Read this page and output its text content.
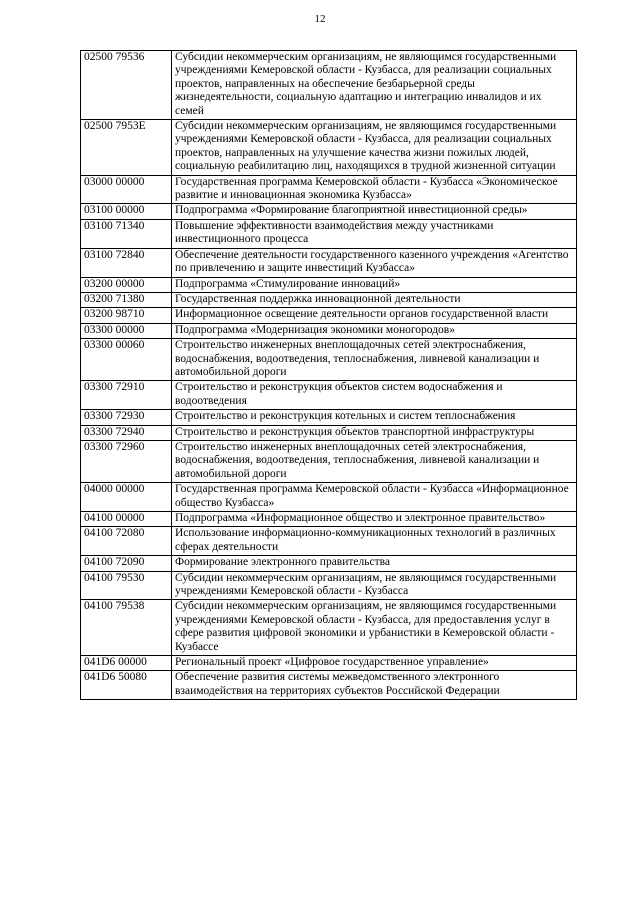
12
02500 79536	Субсидии некоммерческим организациям, не являющимся государственными учреждениями Кемеровской области - Кузбасса, для реализации социальных проектов, направленных на обеспечение безбарьерной среды жизнедеятельности, социальную адаптацию и интеграцию инвалидов и их семей
02500 7953E	Субсидии некоммерческим организациям, не являющимся государственными учреждениями Кемеровской области - Кузбасса, для реализации социальных проектов, направленных на улучшение качества жизни пожилых людей, социальную реабилитацию лиц, находящихся в трудной жизненной ситуации
03000 00000	Государственная программа Кемеровской области - Кузбасса «Экономическое развитие и инновационная экономика Кузбасса»
03100 00000	Подпрограмма «Формирование благоприятной инвестиционной среды»
03100 71340	Повышение эффективности взаимодействия между участниками инвестиционного процесса
03100 72840	Обеспечение деятельности государственного казенного учреждения «Агентство по привлечению и защите инвестиций Кузбасса»
03200 00000	Подпрограмма «Стимулирование инноваций»
03200 71380	Государственная поддержка инновационной деятельности
03200 98710	Информационное освещение деятельности органов государственной власти
03300 00000	Подпрограмма «Модернизация экономики моногородов»
03300 00060	Строительство инженерных внеплощадочных сетей электроснабжения, водоснабжения, водоотведения, теплоснабжения, ливневой канализации и автомобильной дороги
03300 72910	Строительство и реконструкция объектов систем водоснабжения и водоотведения
03300 72930	Строительство и реконструкция котельных и систем теплоснабжения
03300 72940	Строительство и реконструкция объектов транспортной инфраструктуры
03300 72960	Строительство инженерных внеплощадочных сетей электроснабжения, водоснабжения, водоотведения, теплоснабжения, ливневой канализации и автомобильной дороги
04000 00000	Государственная программа Кемеровской области - Кузбасса «Информационное общество Кузбасса»
04100 00000	Подпрограмма «Информационное общество и электронное правительство»
04100 72080	Использование информационно-коммуникационных технологий в различных сферах деятельности
04100 72090	Формирование электронного правительства
04100 79530	Субсидии некоммерческим организациям, не являющимся государственными учреждениями Кемеровской области - Кузбасса
04100 79538	Субсидии некоммерческим организациям, не являющимся государственными учреждениями Кемеровской области - Кузбасса, для предоставления услуг в сфере развития цифровой экономики и урбанистики в Кемеровской области - Кузбассе
041D6 00000	Региональный проект «Цифровое государственное управление»
041D6 50080	Обеспечение развития системы межведомственного электронного взаимодействия на территориях субъектов Российской Федерации
